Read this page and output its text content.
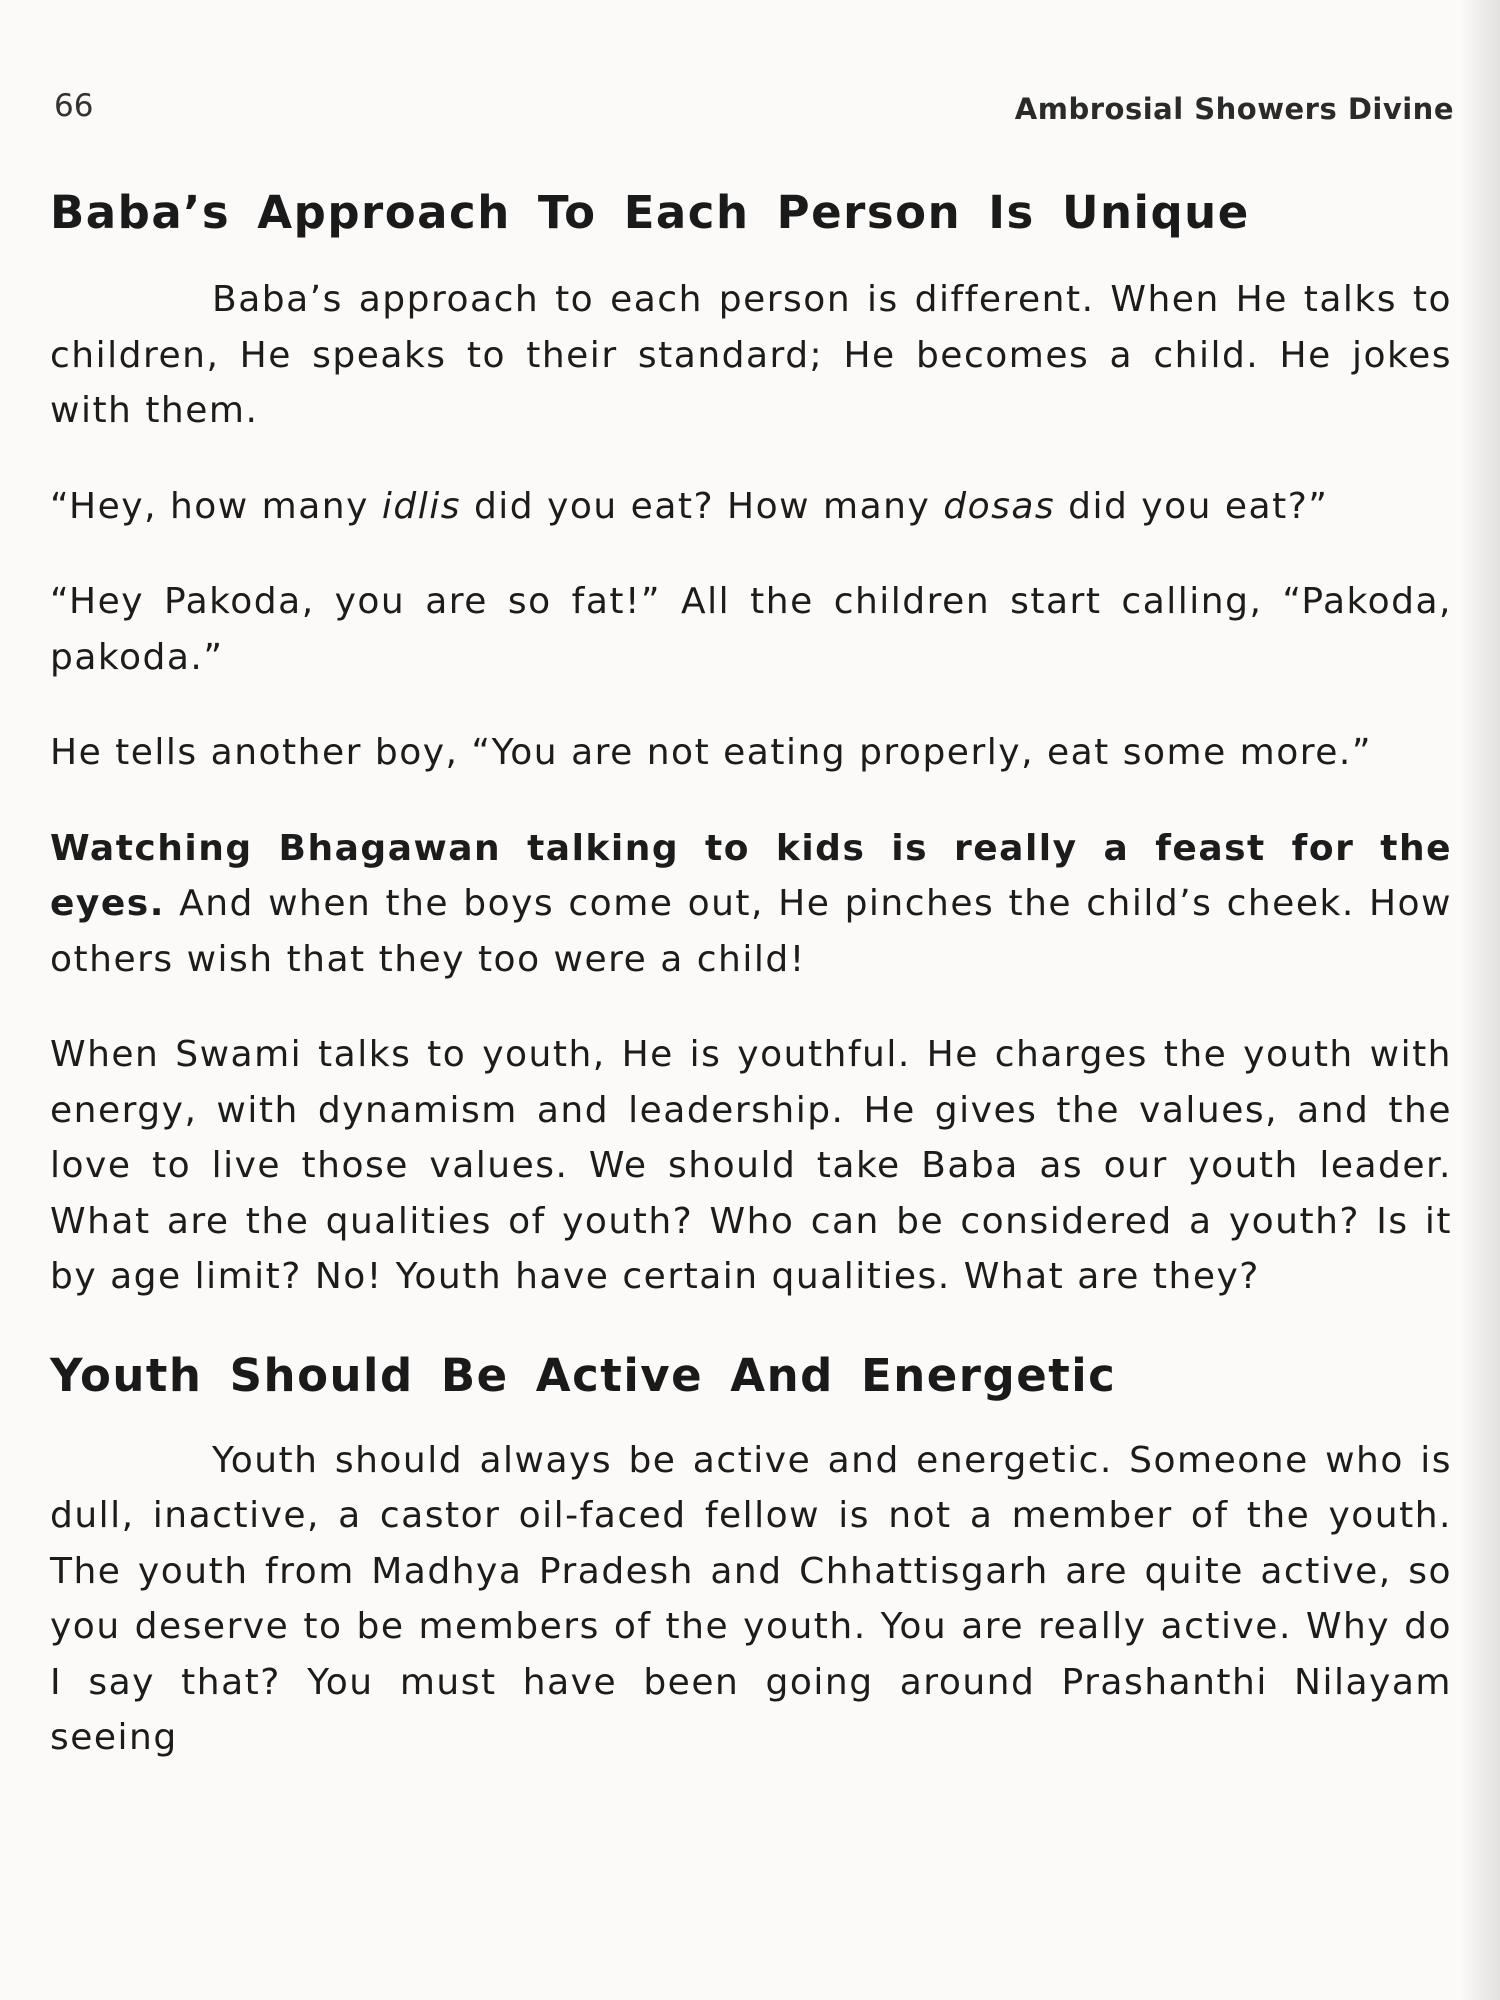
66	Ambrosial Showers Divine
Baba’s Approach To Each Person Is Unique

Baba’s approach to each person is different. When He talks to children, He speaks to their standard; He becomes a child. He jokes with them.

“Hey, how many idlis did you eat? How many dosas did you eat?”

“Hey Pakoda, you are so fat!” All the children start calling, “Pakoda, pakoda.”

He tells another boy, “You are not eating properly, eat some more.”

Watching Bhagawan talking to kids is really a feast for the eyes. And when the boys come out, He pinches the child’s cheek. How others wish that they too were a child!

When Swami talks to youth, He is youthful. He charges the youth with energy, with dynamism and leadership. He gives the values, and the love to live those values. We should take Baba as our youth leader. What are the qualities of youth? Who can be considered a youth? Is it by age limit? No! Youth have certain qualities. What are they?

Youth Should Be Active And Energetic

Youth should always be active and energetic. Someone who is dull, inactive, a castor oil-faced fellow is not a member of the youth. The youth from Madhya Pradesh and Chhattisgarh are quite active, so you deserve to be members of the youth. You are really active. Why do I say that? You must have been going around Prashanthi Nilayam seeing
